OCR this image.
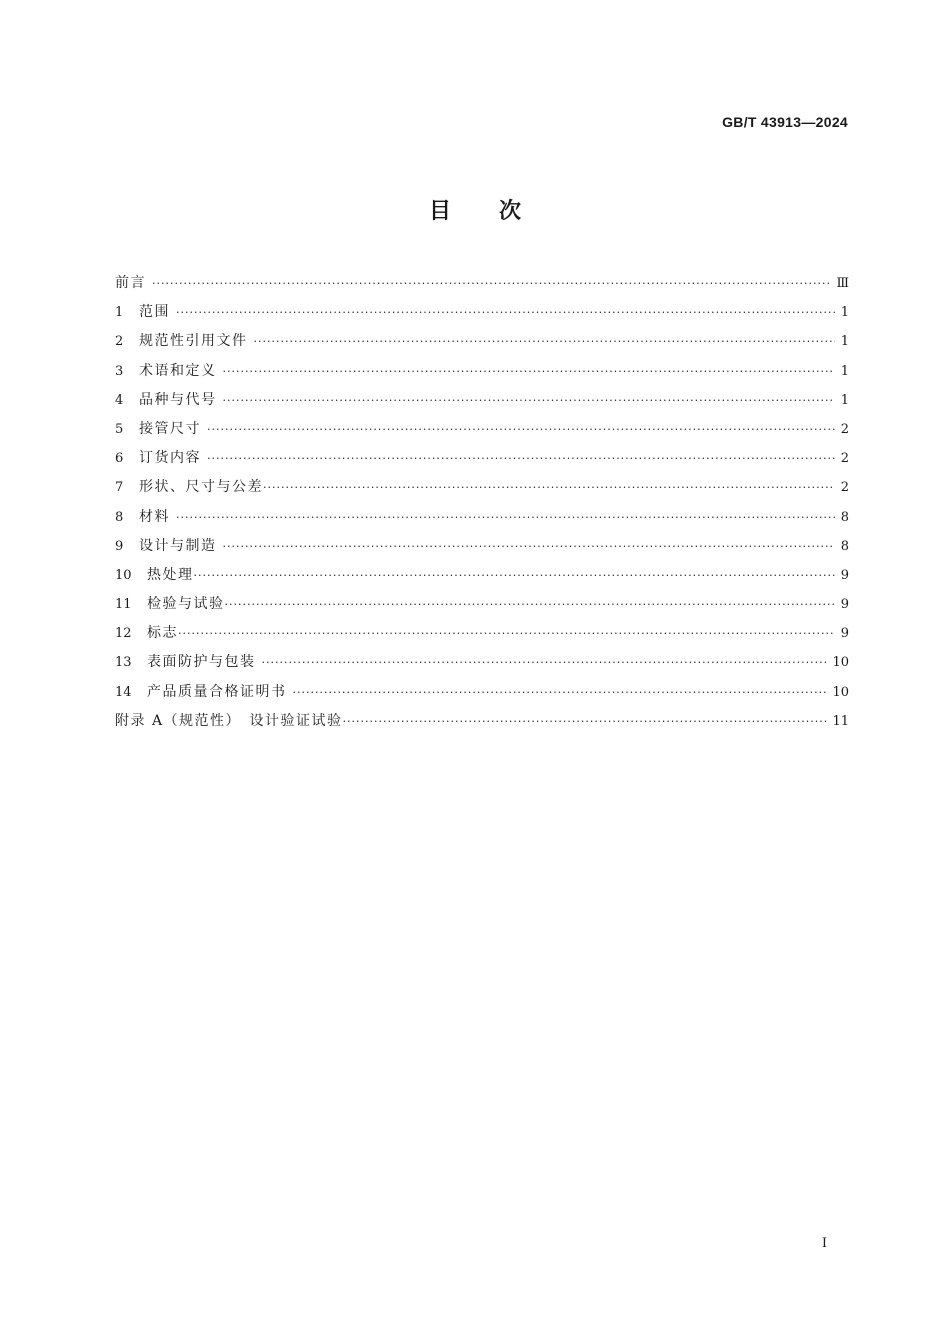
GB/T 43913—2024
目次
前言 ·····	Ⅲ
1	范围 ·····	1
2	规范性引用文件 ·····	1
3	术语和定义 ·····	1
4	品种与代号 ·····	1
5	接管尺寸 ·····	2
6	订货内容 ·····	2
7	形状、尺寸与公差 ·····	2
8	材料 ·····	8
9	设计与制造 ·····	8
10	热处理 ·····	9
11	检验与试验 ·····	9
12	标志 ·····	9
13	表面防护与包装 ·····	10
14	产品质量合格证明书 ·····	10
附录 A（规范性）　设计验证试验 ·····	11
Ⅰ
